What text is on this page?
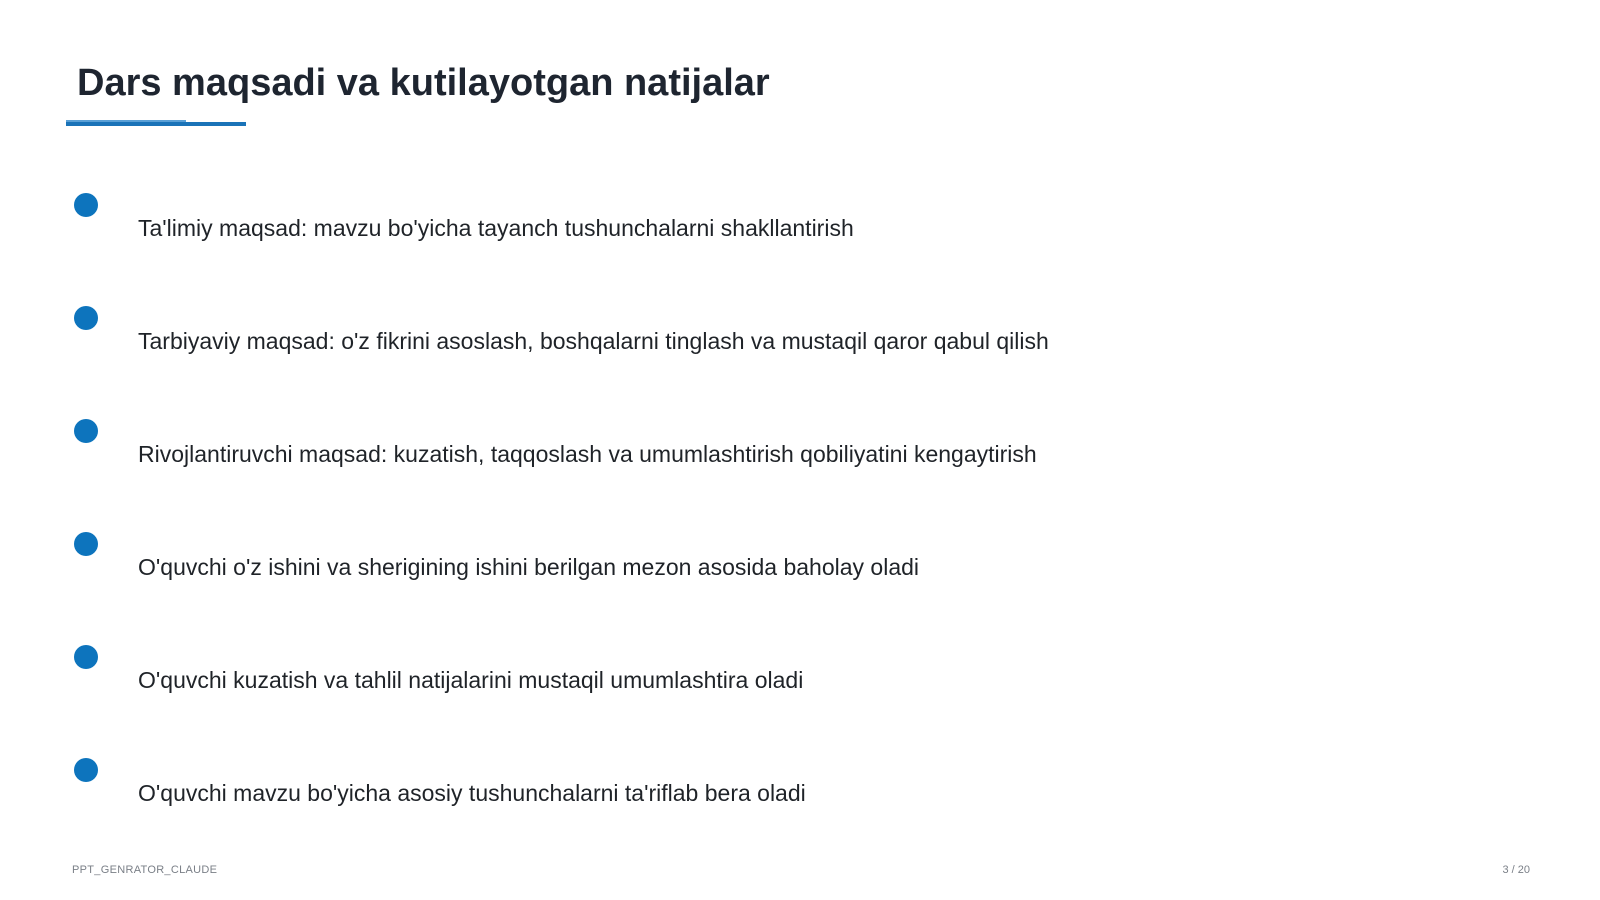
Dars maqsadi va kutilayotgan natijalar
Ta'limiy maqsad: mavzu bo'yicha tayanch tushunchalarni shakllantirish
Tarbiyaviy maqsad: o'z fikrini asoslash, boshqalarni tinglash va mustaqil qaror qabul qilish
Rivojlantiruvchi maqsad: kuzatish, taqqoslash va umumlashtirish qobiliyatini kengaytirish
O'quvchi o'z ishini va sherigining ishini berilgan mezon asosida baholay oladi
O'quvchi kuzatish va tahlil natijalarini mustaqil umumlashtira oladi
O'quvchi mavzu bo'yicha asosiy tushunchalarni ta'riflab bera oladi
PPT_GENRATOR_CLAUDE	3 / 20
